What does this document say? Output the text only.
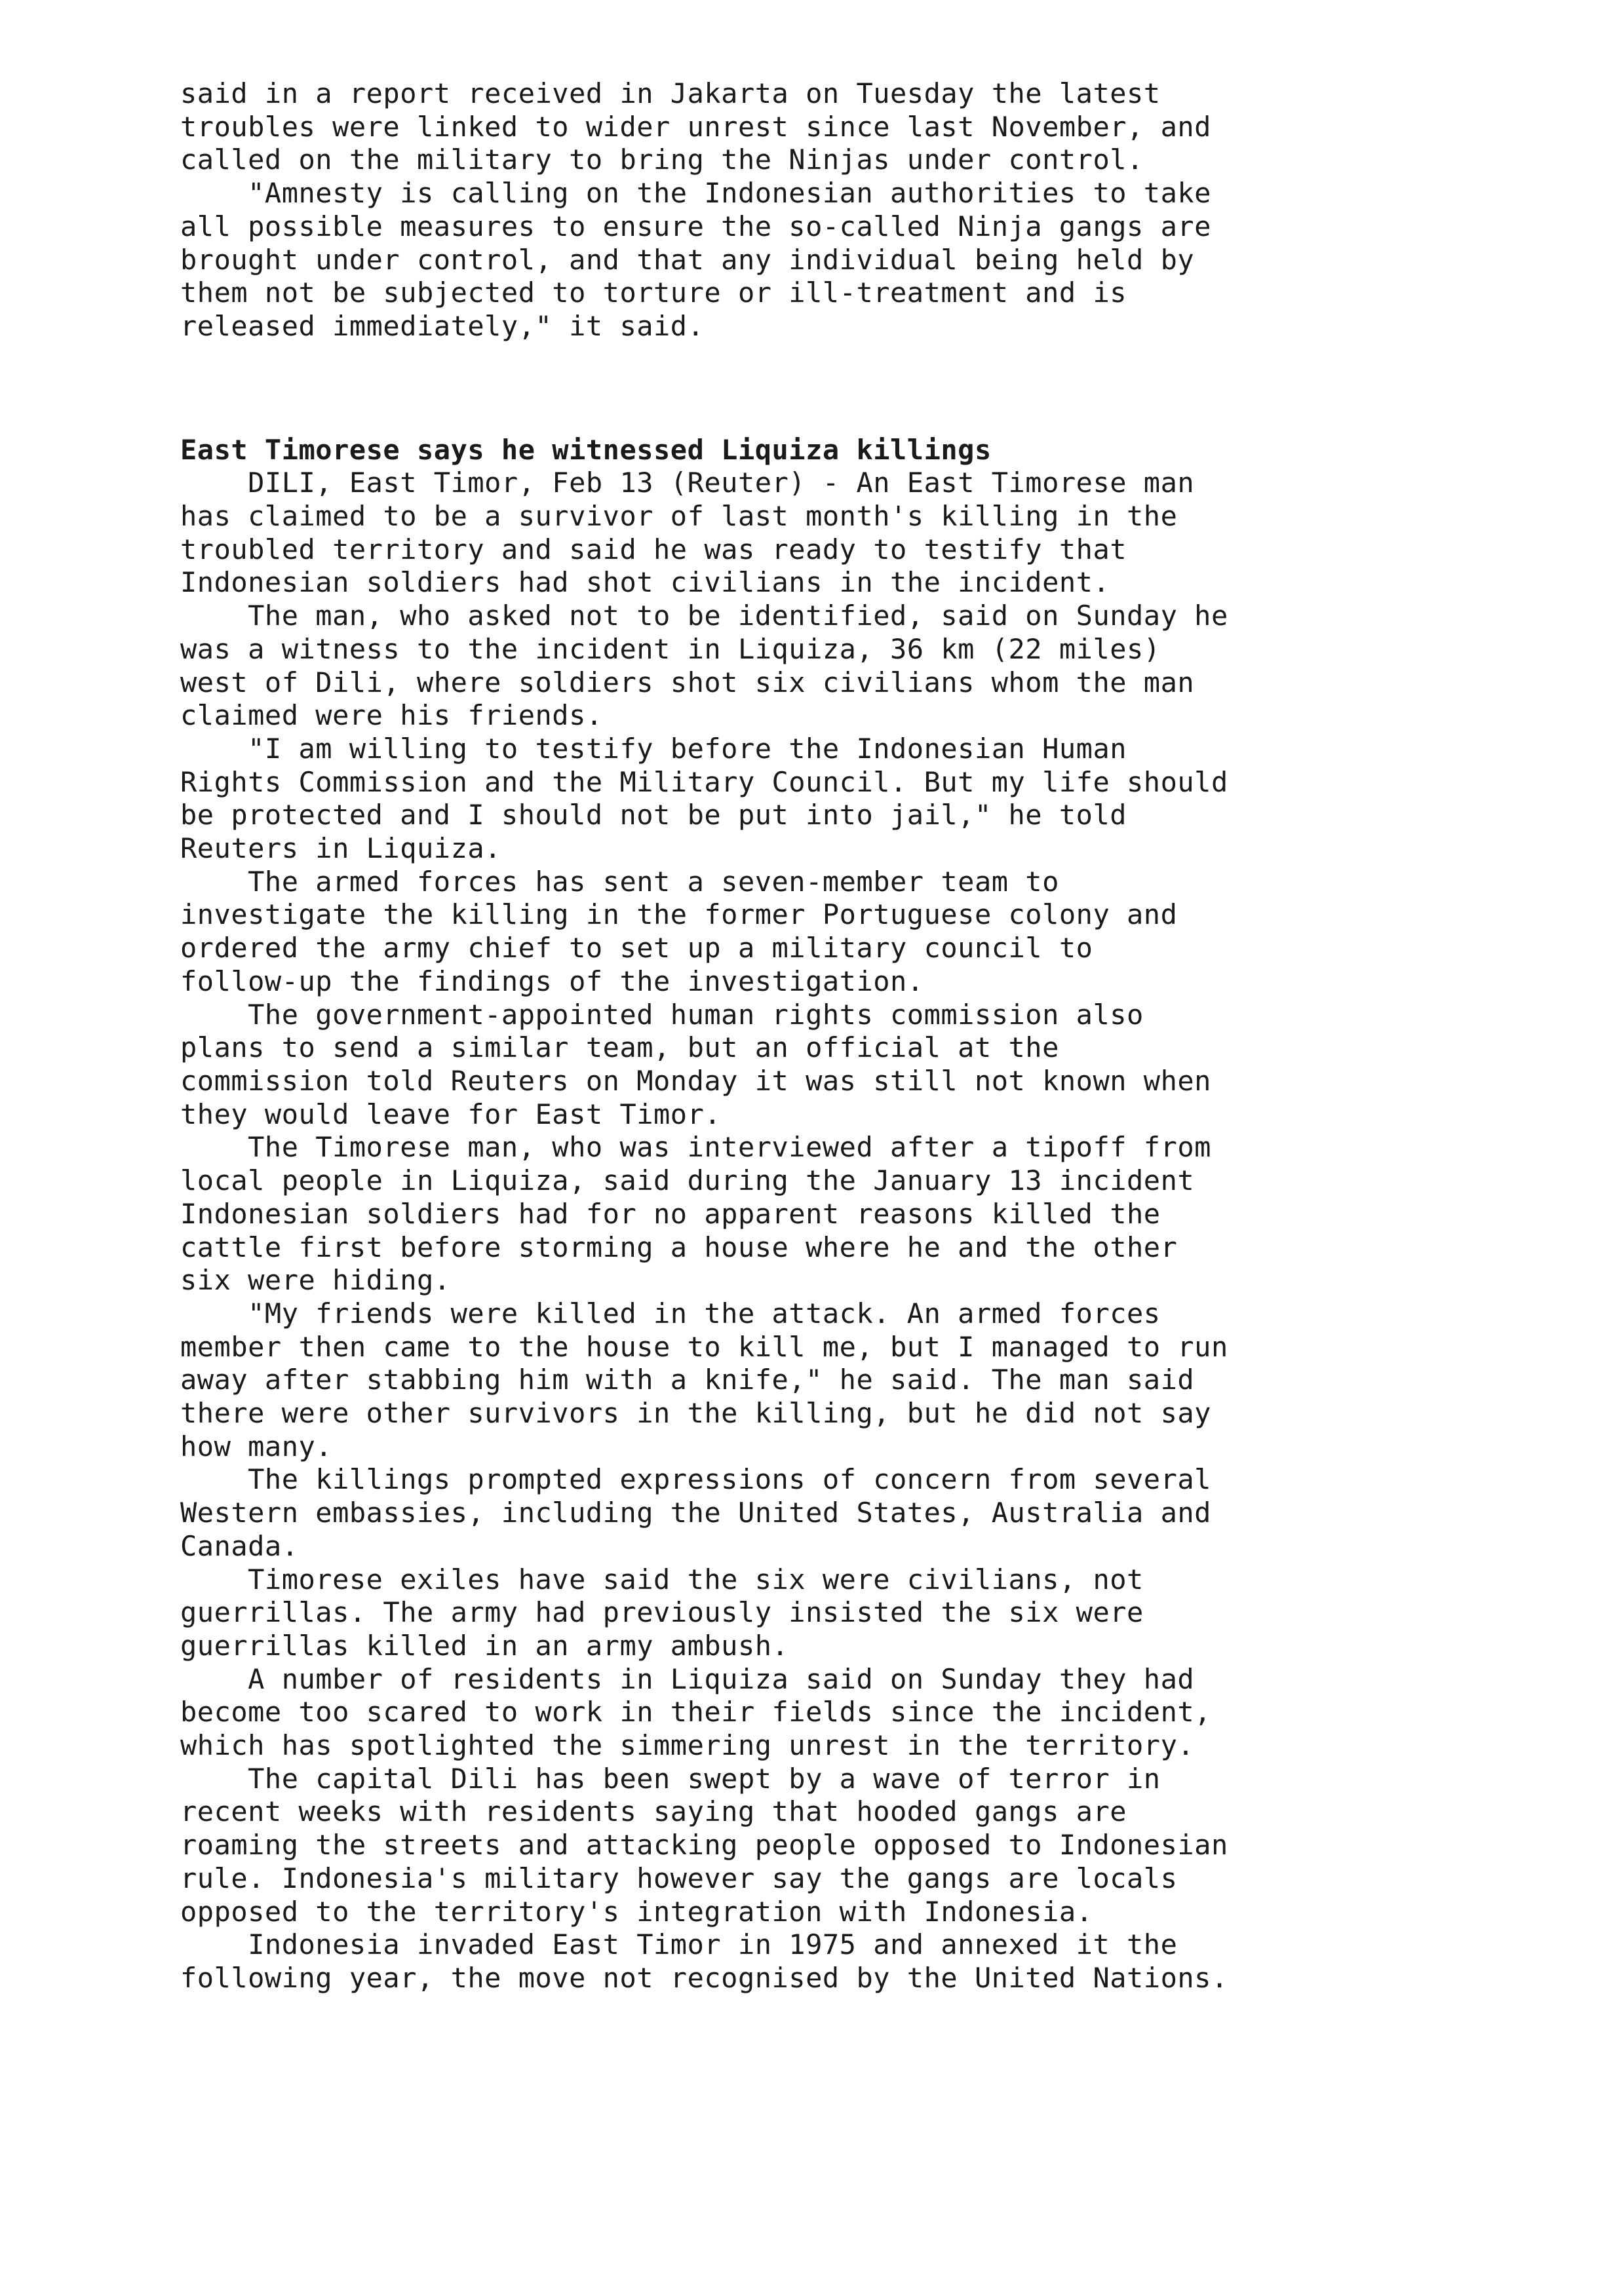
said in a report received in Jakarta on Tuesday the latest
troubles were linked to wider unrest since last November, and
called on the military to bring the Ninjas under control.
"Amnesty is calling on the Indonesian authorities to take
all possible measures to ensure the so-called Ninja gangs are
brought under control, and that any individual being held by
them not be subjected to torture or ill-treatment and is
released immediately," it said.
East Timorese says he witnessed Liquiza killings
DILI, East Timor, Feb 13 (Reuter) - An East Timorese man
has claimed to be a survivor of last month's killing in the
troubled territory and said he was ready to testify that
Indonesian soldiers had shot civilians in the incident.
The man, who asked not to be identified, said on Sunday he
was a witness to the incident in Liquiza, 36 km (22 miles)
west of Dili, where soldiers shot six civilians whom the man
claimed were his friends.
"I am willing to testify before the Indonesian Human
Rights Commission and the Military Council. But my life should
be protected and I should not be put into jail," he told
Reuters in Liquiza.
The armed forces has sent a seven-member team to
investigate the killing in the former Portuguese colony and
ordered the army chief to set up a military council to
follow-up the findings of the investigation.
The government-appointed human rights commission also
plans to send a similar team, but an official at the
commission told Reuters on Monday it was still not known when
they would leave for East Timor.
The Timorese man, who was interviewed after a tipoff from
local people in Liquiza, said during the January 13 incident
Indonesian soldiers had for no apparent reasons killed the
cattle first before storming a house where he and the other
six were hiding.
"My friends were killed in the attack. An armed forces
member then came to the house to kill me, but I managed to run
away after stabbing him with a knife," he said. The man said
there were other survivors in the killing, but he did not say
how many.
The killings prompted expressions of concern from several
Western embassies, including the United States, Australia and
Canada.
Timorese exiles have said the six were civilians, not
guerrillas. The army had previously insisted the six were
guerrillas killed in an army ambush.
A number of residents in Liquiza said on Sunday they had
become too scared to work in their fields since the incident,
which has spotlighted the simmering unrest in the territory.
The capital Dili has been swept by a wave of terror in
recent weeks with residents saying that hooded gangs are
roaming the streets and attacking people opposed to Indonesian
rule. Indonesia's military however say the gangs are locals
opposed to the territory's integration with Indonesia.
Indonesia invaded East Timor in 1975 and annexed it the
following year, the move not recognised by the United Nations.
